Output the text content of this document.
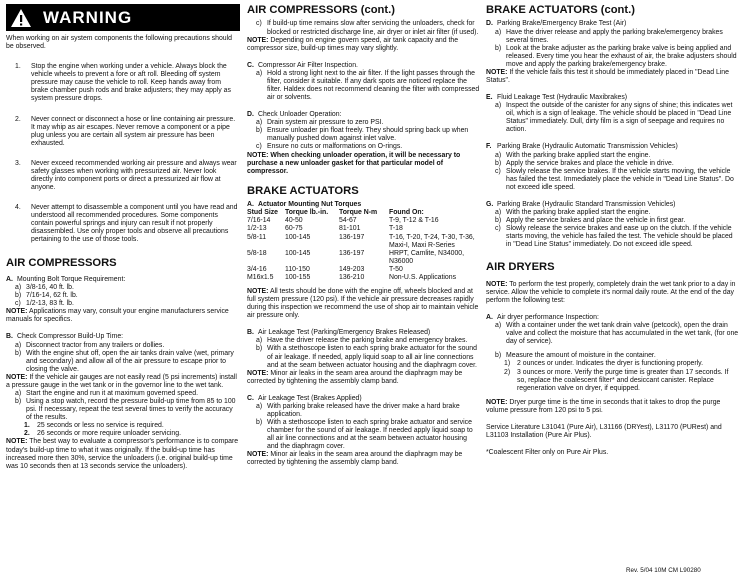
WARNING

When working on air system components the following precautions should be observed.

1.	Stop the engine when working under a vehicle. Always block the vehicle wheels to prevent a fore or aft roll. Bleeding off system pressure may cause the vehicle to roll. Keep hands away from brake chamber push rods and brake adjusters; they may apply as system pressure drops.
2.	Never connect or disconnect a hose or line containing air pressure. It may whip as air escapes. Never remove a component or a pipe plug unless you are certain all system air pressure has been exhausted.
3.	Never exceed recommended working air pressure and always wear safety glasses when working with pressurized air. Never look directly into component ports or direct a pressurized air flow at anyone.
4.	Never attempt to disassemble a component until you have read and understood all recommended procedures. Some components contain powerful springs and injury can result if not properly disassembled. Use only proper tools and observe all precautions pertaining to the use of those tools.

AIR COMPRESSORS

A. Mounting Bolt Torque Requirement:
a) 3/8-16, 40 ft. lb.
b) 7/16-14, 62 ft. lb.
c) 1/2-13, 83 ft. lb.

NOTE: Applications may vary, consult your engine manufacturers service manuals for specifics.

B. Check Compressor Build-Up Time:
a) Disconnect tractor from any trailers or dollies.
b) With the engine shut off, open the air tanks drain valve (wet, primary and secondary) and allow all of the air pressure to escape prior to closing the valve.

NOTE: If the vehicle air gauges are not easily read (5 psi increments) install a pressure gauge in the wet tank or in the governor line to the wet tank.

a) Start the engine and run it at maximum governed speed.
b) Using a stop watch, record the pressure build-up time from 85 to 100 psi. If necessary, repeat the test several times to verify the accuracy of the results.
1.	25 seconds or less no service is required.
2.	26 seconds or more require unloader servicing.

NOTE: The best way to evaluate a compressor's performance is to compare today's build-up time to what it was originally. If the build-up time has increased more then 30%, service the unloaders (i.e. original build-up time was 10 seconds then at 13 seconds service the unloaders).

AIR COMPRESSORS (cont.)

c) If build-up time remains slow after servicing the unloaders, check for blocked or restricted discharge line, air dryer or inlet air filter (if used).

NOTE: Depending on engine govern speed, air tank capacity and the compressor size, build-up times may vary slightly.

C. Compressor Air Filter Inspection.
a) Hold a strong light next to the air filter. If the light passes through the filter, consider it suitable. If any dark spots are noticed replace the filter. Haldex does not recommend cleaning the filter with compressed air or solvents.
D. Check Unloader Operation:
a) Drain system air pressure to zero PSI.
b) Ensure unloader pin float freely. They should spring back up when manually pushed down against inlet valve.
c) Ensure no cuts or malformations on O-rings.

NOTE: When checking unloader operation, it will be necessary to purchase a new unloader gasket for that particular model of compressor.

BRAKE ACTUATORS

A. Actuator Mounting Nut Torques
Stud Size	Torque lb.-in.	Torque N-m	Found On:
7/16-14	40-50	54-67	T-9, T-12 & T-16
1/2-13	60-75	81-101	T-18
5/8-11	100-145	136-197	T-16, T-20, T-24, T-30, T-36, Maxi-I, Maxi R-Series
5/8-18	100-145	136-197	HRPT, Camlite, N34000, N36000
3/4-16	110-150	149-203	T-50
M16x1.5	100-155	136-210	Non-U.S. Applications

NOTE: All tests should be done with the engine off, wheels blocked and at full system pressure (120 psi). If the vehicle air pressure decreases rapidly during this inspection we recommend the use of shop air to maintain vehicle air pressure only.

B. Air Leakage Test (Parking/Emergency Brakes Released)
a) Have the driver release the parking brake and emergency brakes.
b) With a stethoscope listen to each spring brake actuator for the sound of air leakage. If needed, apply liquid soap to all air line connections and at the seam between actuator housing and the diaphragm cover.

NOTE: Minor air leaks in the seam area around the diaphragm may be corrected by tightening the assembly clamp band.

C. Air Leakage Test (Brakes Applied)
a) With parking brake released have the driver make a hard brake application.
b) With a stethoscope listen to each spring brake actuator and service chamber for the sound of air leakage. If needed apply liquid soap to all air line connections and at the seam between actuator housing and the diaphragm cover.

NOTE: Minor air leaks in the seam area around the diaphragm may be corrected by tightening the assembly clamp band.

BRAKE ACTUATORS (cont.)

D. Parking Brake/Emergency Brake Test (Air)
a) Have the driver release and apply the parking brake/emergency brakes several times.
b) Look at the brake adjuster as the parking brake valve is being applied and released. Every time you hear the exhaust of air, the brake adjusters should move and apply the parking brake/emergency brake.

NOTE: If the vehicle fails this test it should be immediately placed in "Dead Line Status".

E. Fluid Leakage Test (Hydraulic Maxibrakes)
a) Inspect the outside of the canister for any signs of shine; this indicates wet oil, which is a sign of leakage. The vehicle should be placed in "Dead Line Status" immediately. Dull, dirty film is a sign of seepage and requires no action.
F. Parking Brake (Hydraulic Automatic Transmission Vehicles)
a) With the parking brake applied start the engine.
b) Apply the service brakes and place the vehicle in drive.
c) Slowly release the service brakes. If the vehicle starts moving, the vehicle has failed the test. Immediately place the vehicle in "Dead Line Status". Do not exceed idle speed.
G. Parking Brake (Hydraulic Standard Transmission Vehicles)
a) With the parking brake applied start the engine.
b) Apply the service brakes and place the vehicle in first gear.
c) Slowly release the service brakes and ease up on the clutch. If the vehicle starts moving, the vehicle has failed the test. The vehicle should be placed in "Dead Line Status" immediately. Do not exceed idle speed.

AIR DRYERS

NOTE: To perform the test properly, completely drain the wet tank prior to a day in service. Allow the vehicle to complete it's normal daily route. At the end of the day perform the following test:

A. Air dryer performance Inspection:
a) With a container under the wet tank drain valve (petcock), open the drain valve and collect the moisture that has accumulated in the wet tank, (for one day of service).
b) Measure the amount of moisture in the container.
1) 2 ounces or under. Indicates the dryer is functioning properly.
2) 3 ounces or more. Verify the purge time is greater than 17 seconds. If so, replace the coalescent filter* and desiccant canister. Replace regeneration valve on dryer, if equipped.

NOTE: Dryer purge time is the time in seconds that it takes to drop the purge volume pressure from 120 psi to 5 psi.

Service Literature L31041 (Pure Air), L31166 (DRYest), L31170 (PURest) and L31103 Installation (Pure Air Plus).

*Coalescent Filter only on Pure Air Plus.

Rev. 5/04 10M CM L90280
